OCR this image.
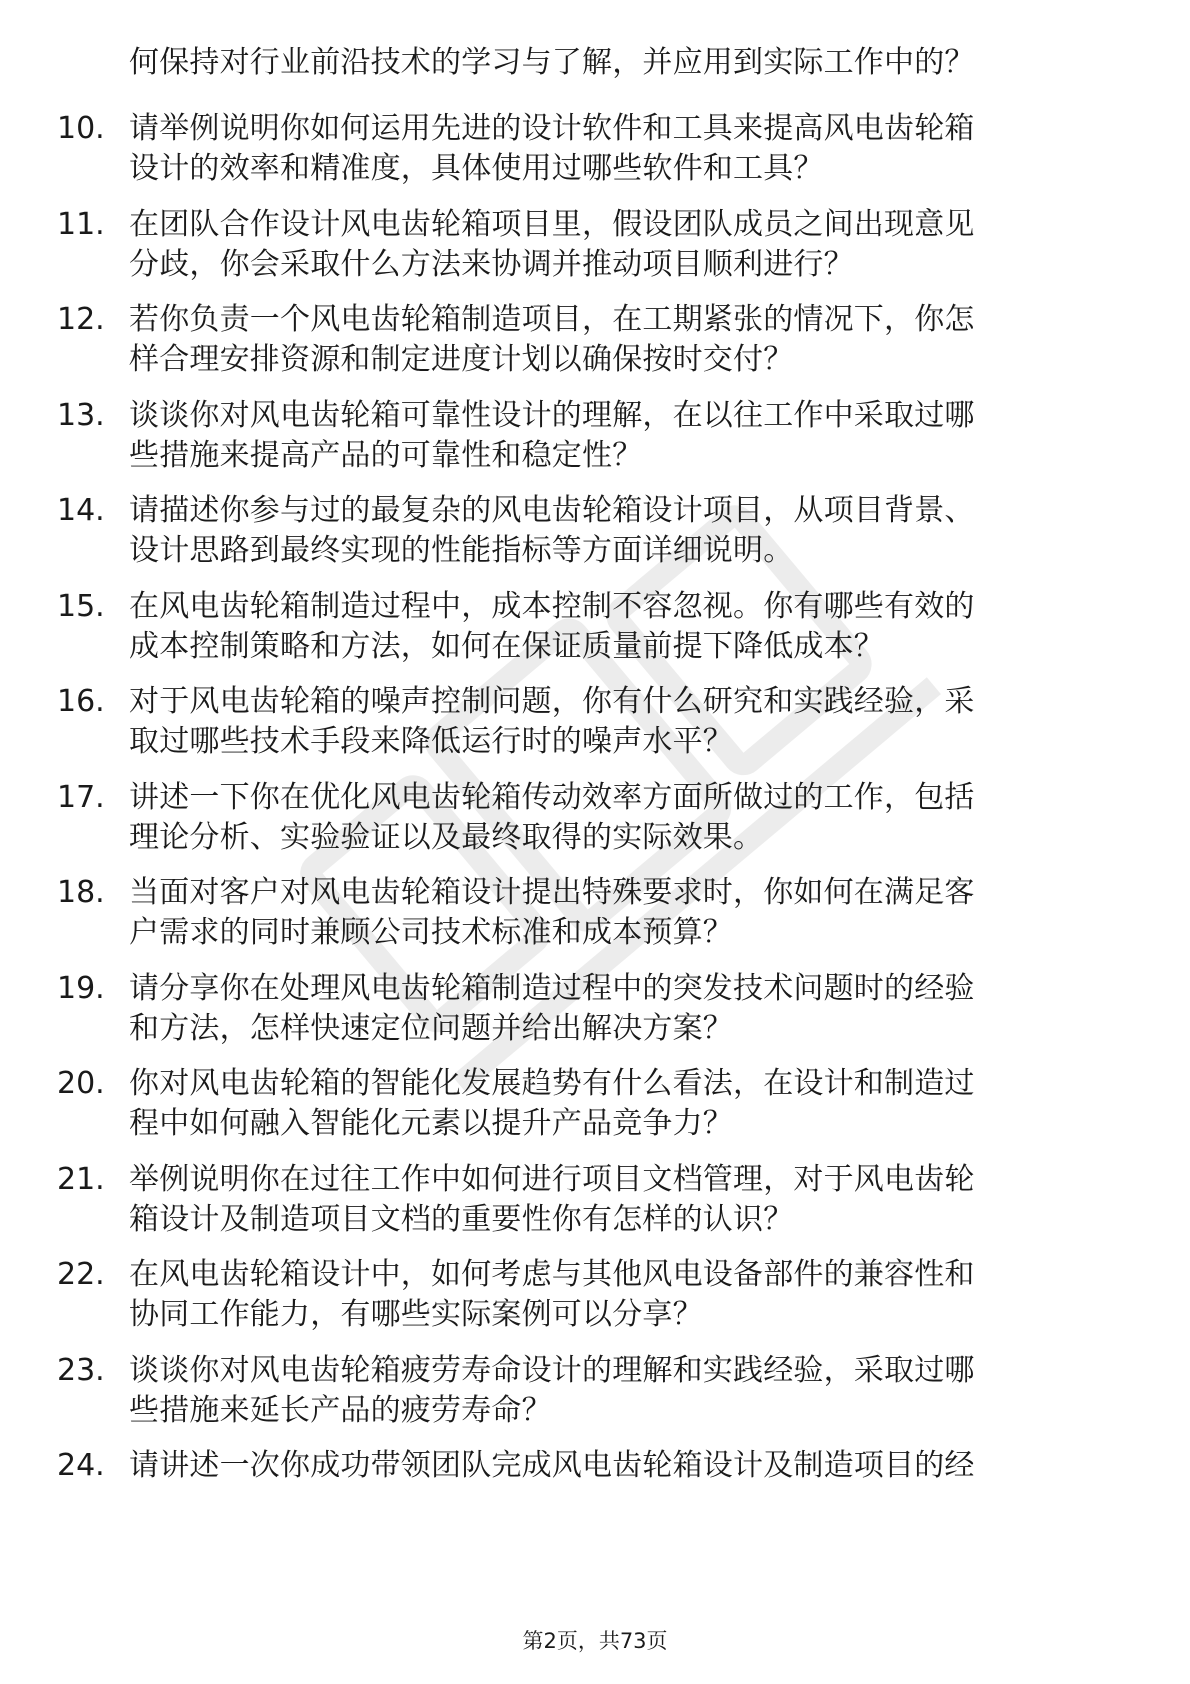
何保持对行业前沿技术的学习与了解，并应用到实际工作中的？
10. 请举例说明你如何运用先进的设计软件和工具来提高风电齿轮箱
设计的效率和精准度，具体使用过哪些软件和工具？
11. 在团队合作设计风电齿轮箱项目里，假设团队成员之间出现意见
分歧，你会采取什么方法来协调并推动项目顺利进行？
12. 若你负责一个风电齿轮箱制造项目，在工期紧张的情况下，你怎
样合理安排资源和制定进度计划以确保按时交付？
13. 谈谈你对风电齿轮箱可靠性设计的理解，在以往工作中采取过哪
些措施来提高产品的可靠性和稳定性？
14. 请描述你参与过的最复杂的风电齿轮箱设计项目，从项目背景、
设计思路到最终实现的性能指标等方面详细说明。
15. 在风电齿轮箱制造过程中，成本控制不容忽视。你有哪些有效的
成本控制策略和方法，如何在保证质量前提下降低成本？
16. 对于风电齿轮箱的噪声控制问题，你有什么研究和实践经验，采
取过哪些技术手段来降低运行时的噪声水平？
17. 讲述一下你在优化风电齿轮箱传动效率方面所做过的工作，包括
理论分析、实验验证以及最终取得的实际效果。
18. 当面对客户对风电齿轮箱设计提出特殊要求时，你如何在满足客
户需求的同时兼顾公司技术标准和成本预算？
19. 请分享你在处理风电齿轮箱制造过程中的突发技术问题时的经验
和方法，怎样快速定位问题并给出解决方案？
20. 你对风电齿轮箱的智能化发展趋势有什么看法，在设计和制造过
程中如何融入智能化元素以提升产品竞争力？
21. 举例说明你在过往工作中如何进行项目文档管理，对于风电齿轮
箱设计及制造项目文档的重要性你有怎样的认识？
22. 在风电齿轮箱设计中，如何考虑与其他风电设备部件的兼容性和
协同工作能力，有哪些实际案例可以分享？
23. 谈谈你对风电齿轮箱疲劳寿命设计的理解和实践经验，采取过哪
些措施来延长产品的疲劳寿命？
24. 请讲述一次你成功带领团队完成风电齿轮箱设计及制造项目的经
第2页，共73页
